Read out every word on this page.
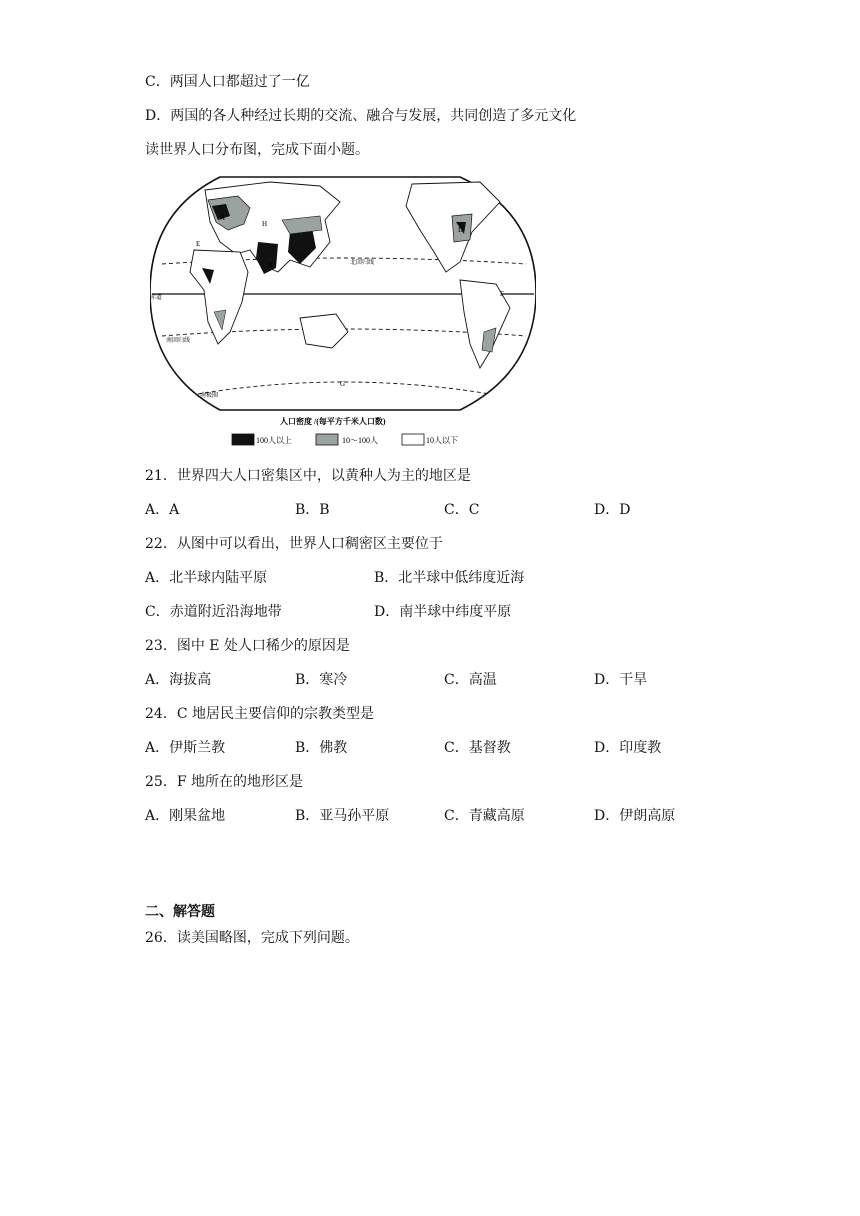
C．两国人口都超过了一亿
D．两国的各人种经过长期的交流、融合与发展，共同创造了多元文化
读世界人口分布图，完成下面小题。
北回归线
赤道
南回归线
南极圈
A
B
C
D
E
F
G
H
人口密度 /(每平方千米人口数)
100人以上	10～100人	10人以下
21．世界四大人口密集区中，以黄种人为主的地区是
A．A	B．B	C．C	D．D
22．从图中可以看出，世界人口稠密区主要位于
A．北半球内陆平原	B．北半球中低纬度近海
C．赤道附近沿海地带	D．南半球中纬度平原
23．图中 E 处人口稀少的原因是
A．海拔高	B．寒冷	C．高温	D．干旱
24．C 地居民主要信仰的宗教类型是
A．伊斯兰教	B．佛教	C．基督教	D．印度教
25．F 地所在的地形区是
A．刚果盆地	B．亚马孙平原	C．青藏高原	D．伊朗高原
二、解答题
26．读美国略图，完成下列问题。
